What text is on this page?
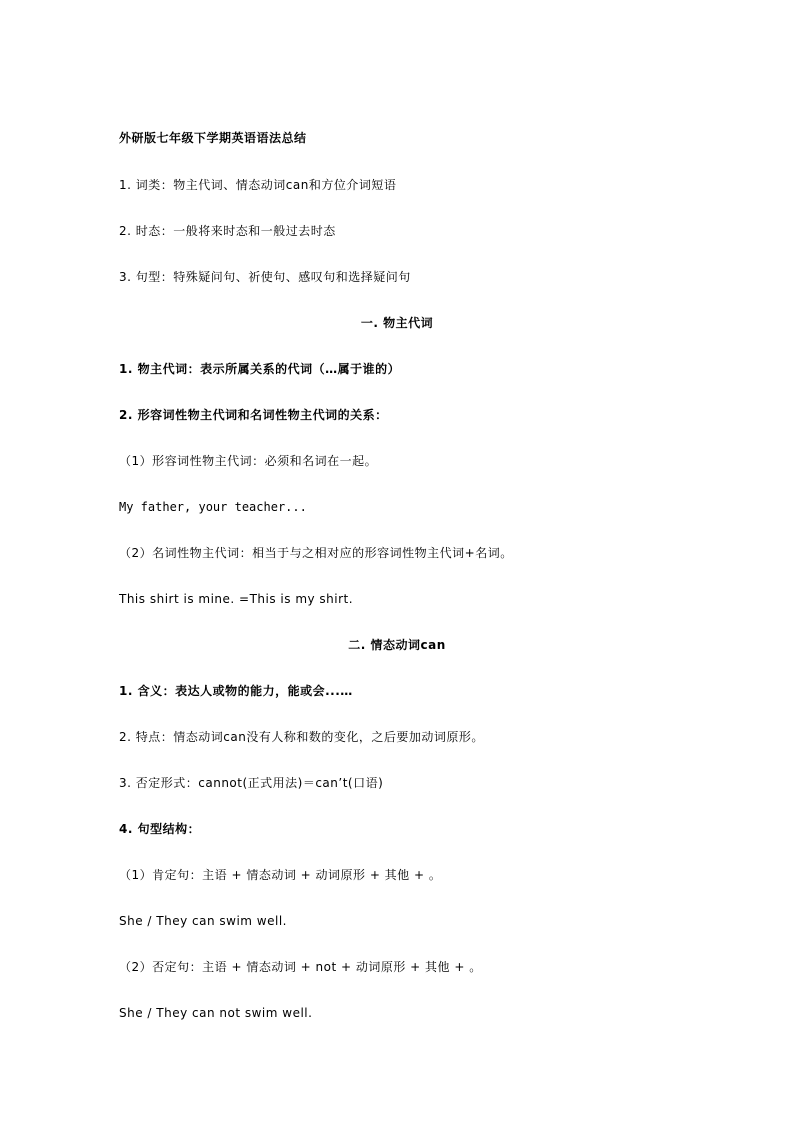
外研版七年级下学期英语语法总结
1. 词类：物主代词、情态动词can和方位介词短语
2. 时态：一般将来时态和一般过去时态
3. 句型：特殊疑问句、祈使句、感叹句和选择疑问句
一. 物主代词
1. 物主代词：表示所属关系的代词（…属于谁的）
2. 形容词性物主代词和名词性物主代词的关系：
（1）形容词性物主代词：必须和名词在一起。
My father, your teacher...
（2）名词性物主代词：相当于与之相对应的形容词性物主代词+名词。
This shirt is mine. =This is my shirt.
二. 情态动词can
1. 含义：表达人或物的能力，能或会...…
2. 特点：情态动词can没有人称和数的变化，之后要加动词原形。
3. 否定形式：cannot(正式用法)＝can’t(口语)
4. 句型结构：
（1）肯定句：主语 + 情态动词 + 动词原形 + 其他 + 。
She / They can swim well.
（2）否定句：主语 + 情态动词 + not + 动词原形 + 其他 + 。
She / They can not swim well.
